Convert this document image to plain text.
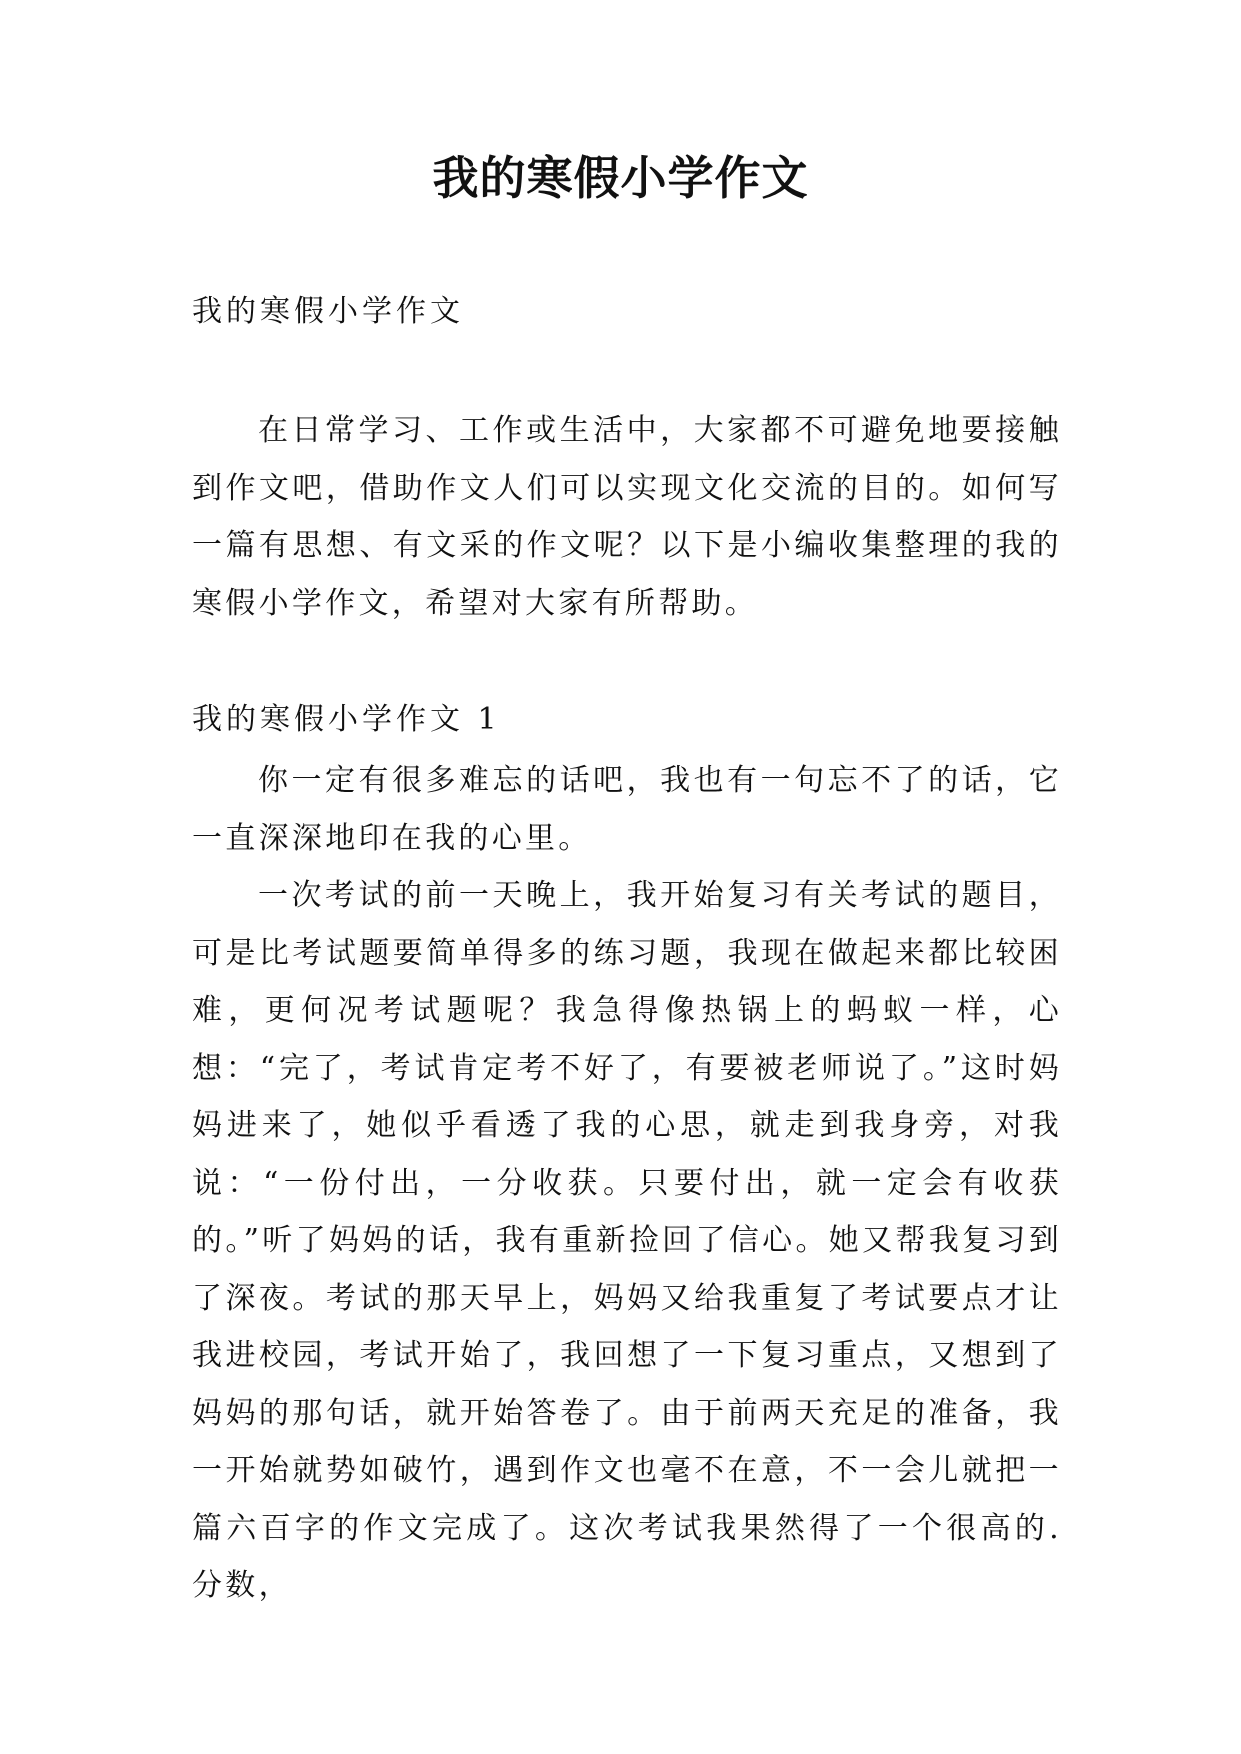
我的寒假小学作文
我的寒假小学作文

在日常学习、工作或生活中，大家都不可避免地要接触到作文吧，借助作文人们可以实现文化交流的目的。如何写一篇有思想、有文采的作文呢？以下是小编收集整理的我的寒假小学作文，希望对大家有所帮助。

我的寒假小学作文 1

你一定有很多难忘的话吧，我也有一句忘不了的话，它一直深深地印在我的心里。

一次考试的前一天晚上，我开始复习有关考试的题目，可是比考试题要简单得多的练习题，我现在做起来都比较困难，更何况考试题呢？我急得像热锅上的蚂蚁一样，心想：“完了，考试肯定考不好了，有要被老师说了。”这时妈妈进来了，她似乎看透了我的心思，就走到我身旁，对我说：“一份付出，一分收获。只要付出，就一定会有收获的。”听了妈妈的话，我有重新捡回了信心。她又帮我复习到了深夜。考试的那天早上，妈妈又给我重复了考试要点才让我进校园，考试开始了，我回想了一下复习重点，又想到了妈妈的那句话，就开始答卷了。由于前两天充足的准备，我一开始就势如破竹，遇到作文也毫不在意，不一会儿就把一篇六百字的作文完成了。这次考试我果然得了一个很高的.分数，
